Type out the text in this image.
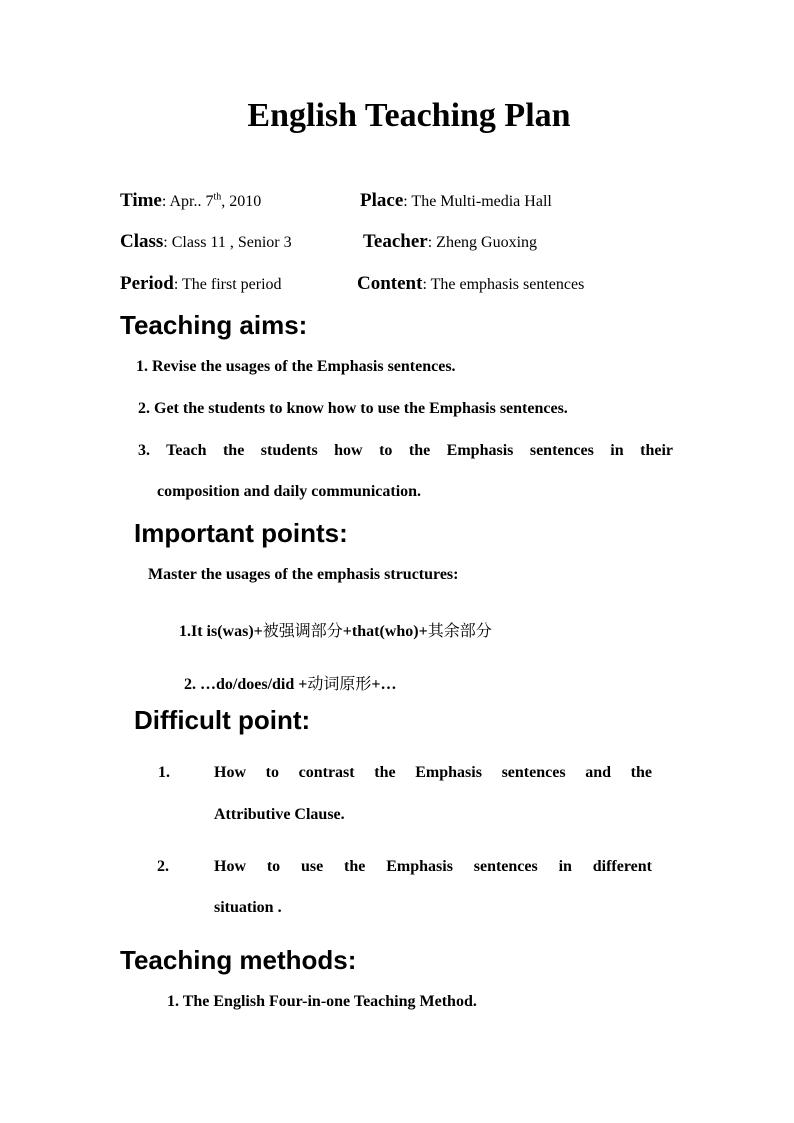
English Teaching Plan
Time: Apr.. 7th, 2010	Place: The Multi-media Hall
Class: Class 11 , Senior 3	Teacher: Zheng Guoxing
Period: The first period	Content: The emphasis sentences
Teaching aims:
1. Revise the usages of the Emphasis sentences.
2. Get the students to know how to use the Emphasis sentences.
3. Teach the students how to the Emphasis sentences in their
composition and daily communication.
Important points:
Master the usages of the emphasis structures:
1.It is(was)+被强调部分+that(who)+其余部分
2. …do/does/did +动词原形+…
Difficult point:
1.	How to contrast the Emphasis sentences and the
Attributive Clause.
2.	How to use the Emphasis sentences in different
situation .
Teaching methods:
1. The English Four-in-one Teaching Method.
